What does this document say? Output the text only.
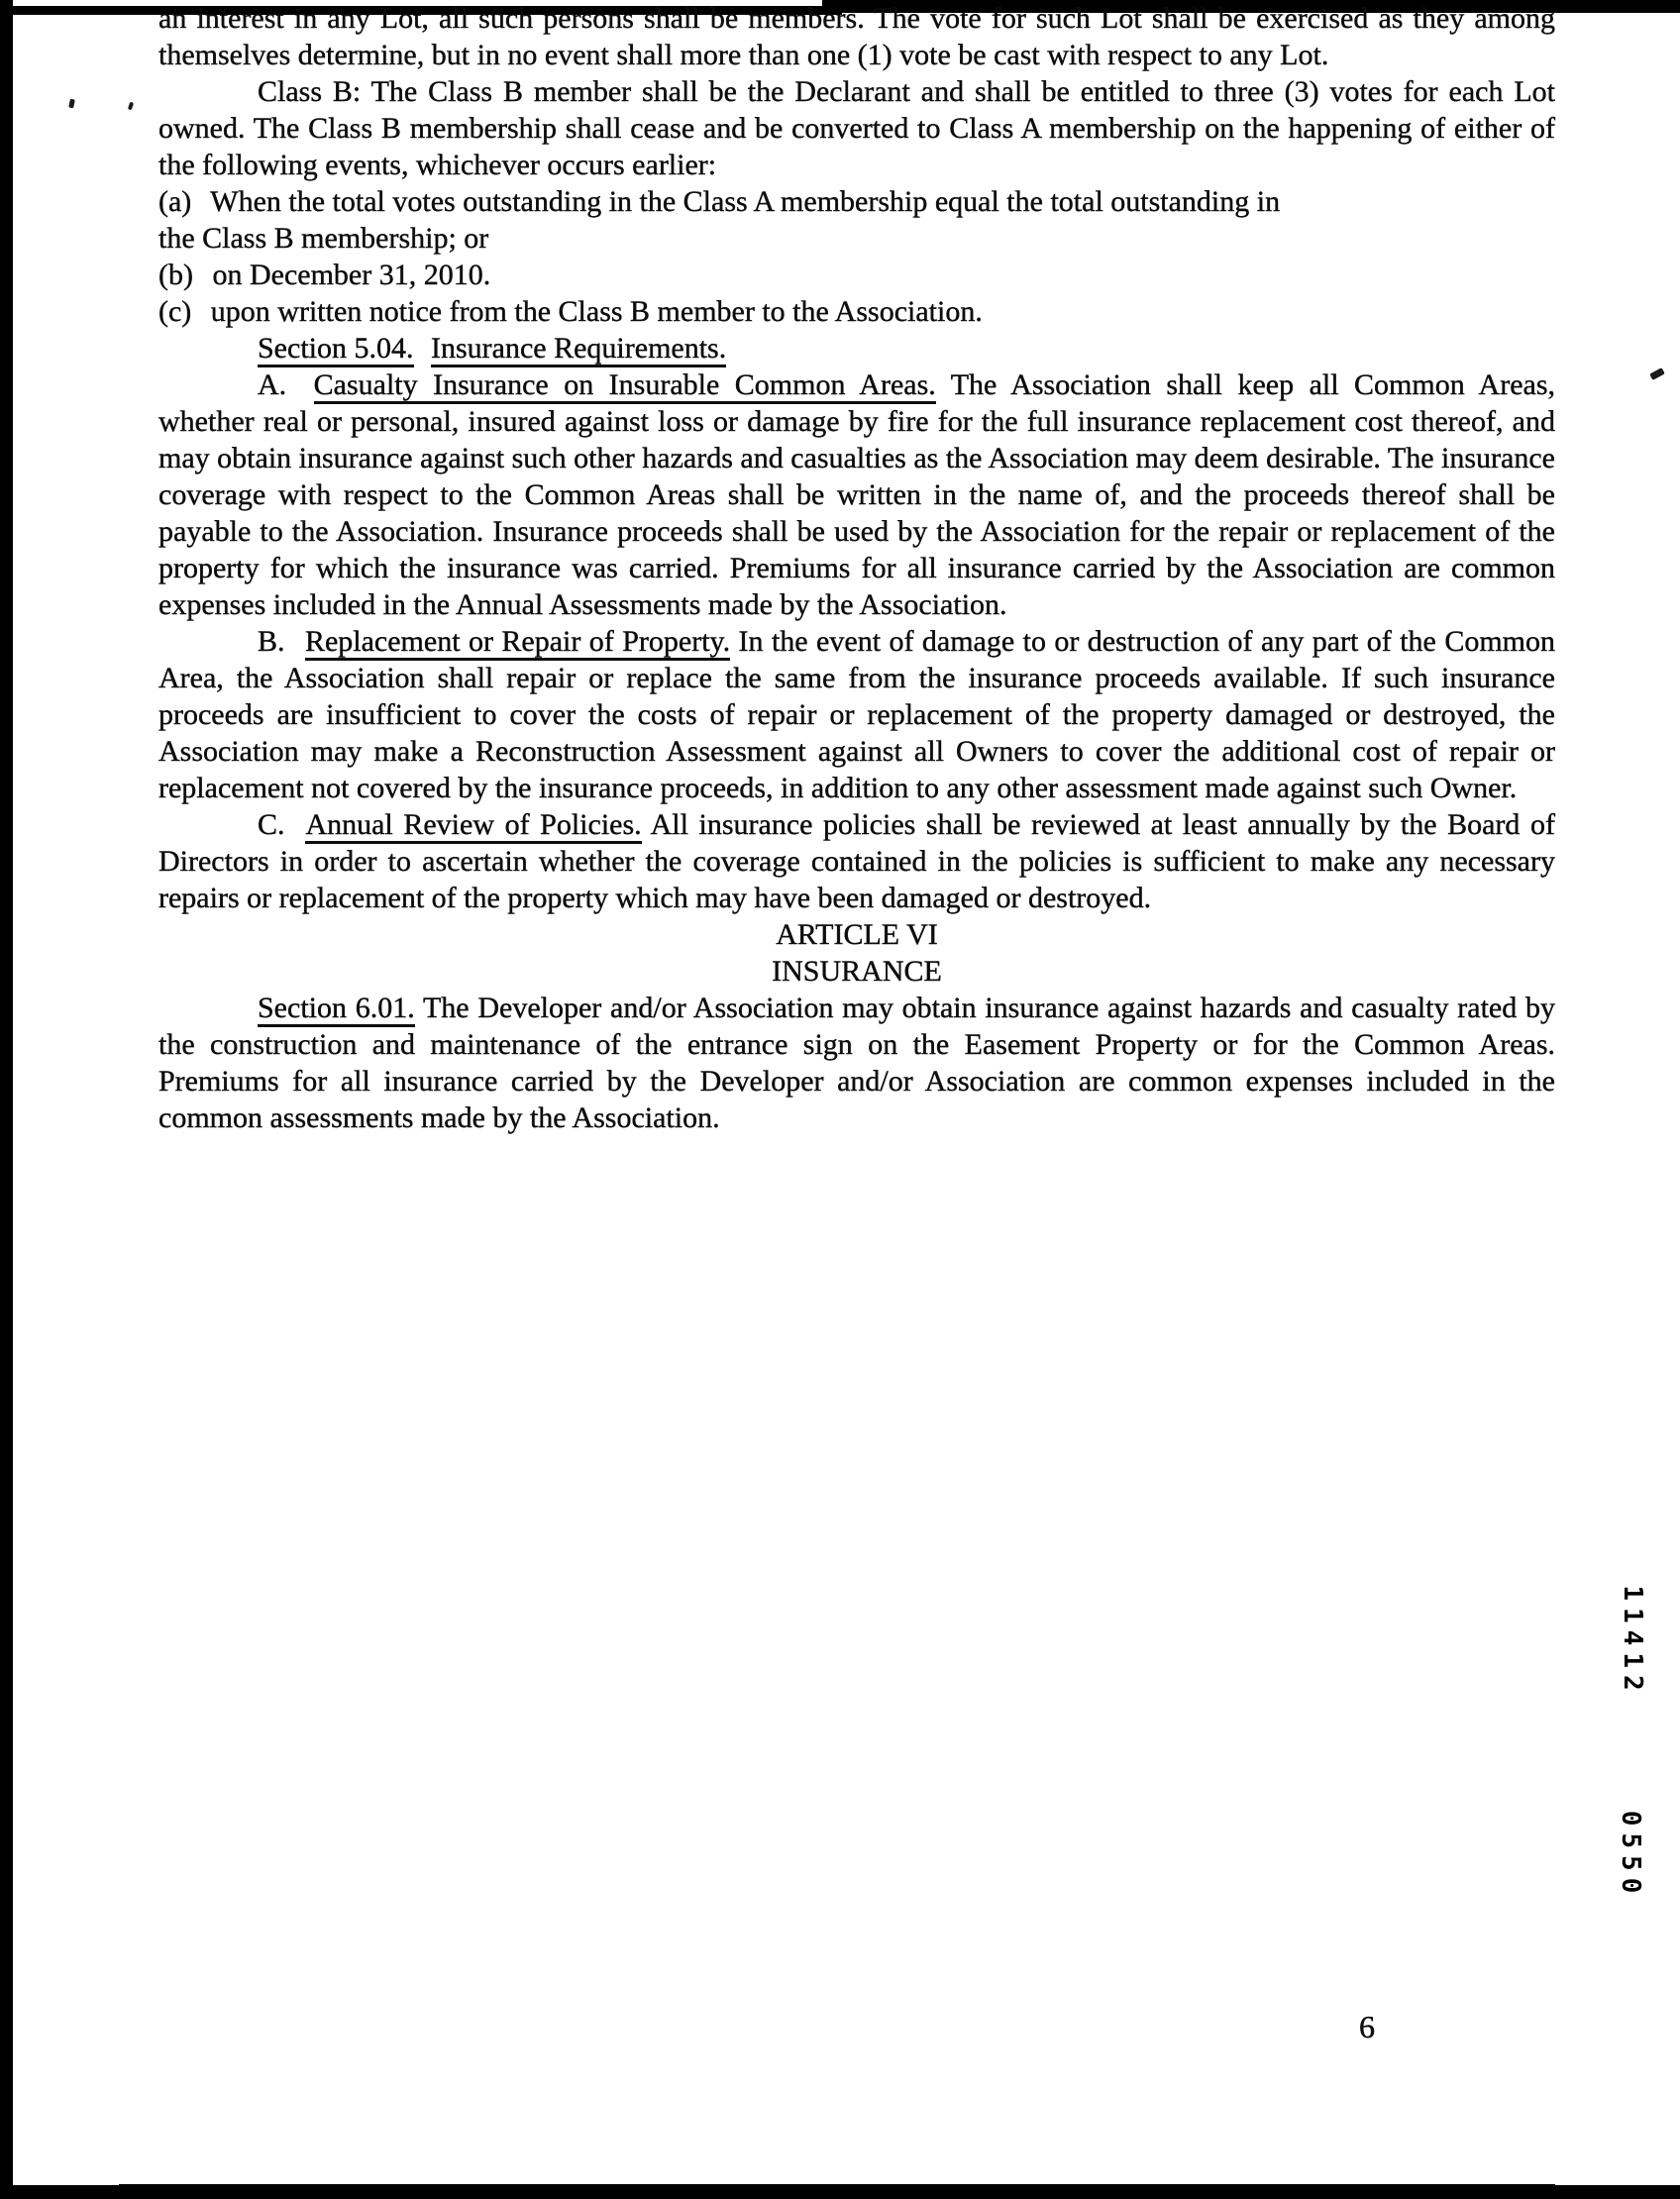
an interest in any Lot, all such persons shall be members. The vote for such Lot shall be exercised as they among themselves determine, but in no event shall more than one (1) vote be cast with respect to any Lot.

Class B: The Class B member shall be the Declarant and shall be entitled to three (3) votes for each Lot owned. The Class B membership shall cease and be converted to Class A membership on the happening of either of the following events, whichever occurs earlier:

(a) When the total votes outstanding in the Class A membership equal the total outstanding in the Class B membership; or

(b) on December 31, 2010.

(c) upon written notice from the Class B member to the Association.

Section 5.04. Insurance Requirements.

A. Casualty Insurance on Insurable Common Areas. The Association shall keep all Common Areas, whether real or personal, insured against loss or damage by fire for the full insurance replacement cost thereof, and may obtain insurance against such other hazards and casualties as the Association may deem desirable. The insurance coverage with respect to the Common Areas shall be written in the name of, and the proceeds thereof shall be payable to the Association. Insurance proceeds shall be used by the Association for the repair or replacement of the property for which the insurance was carried. Premiums for all insurance carried by the Association are common expenses included in the Annual Assessments made by the Association.

B. Replacement or Repair of Property. In the event of damage to or destruction of any part of the Common Area, the Association shall repair or replace the same from the insurance proceeds available. If such insurance proceeds are insufficient to cover the costs of repair or replacement of the property damaged or destroyed, the Association may make a Reconstruction Assessment against all Owners to cover the additional cost of repair or replacement not covered by the insurance proceeds, in addition to any other assessment made against such Owner.

C. Annual Review of Policies. All insurance policies shall be reviewed at least annually by the Board of Directors in order to ascertain whether the coverage contained in the policies is sufficient to make any necessary repairs or replacement of the property which may have been damaged or destroyed.

ARTICLE VI

INSURANCE

Section 6.01. The Developer and/or Association may obtain insurance against hazards and casualty rated by the construction and maintenance of the entrance sign on the Easement Property or for the Common Areas. Premiums for all insurance carried by the Developer and/or Association are common expenses included in the common assessments made by the Association.

6
11412
0550
